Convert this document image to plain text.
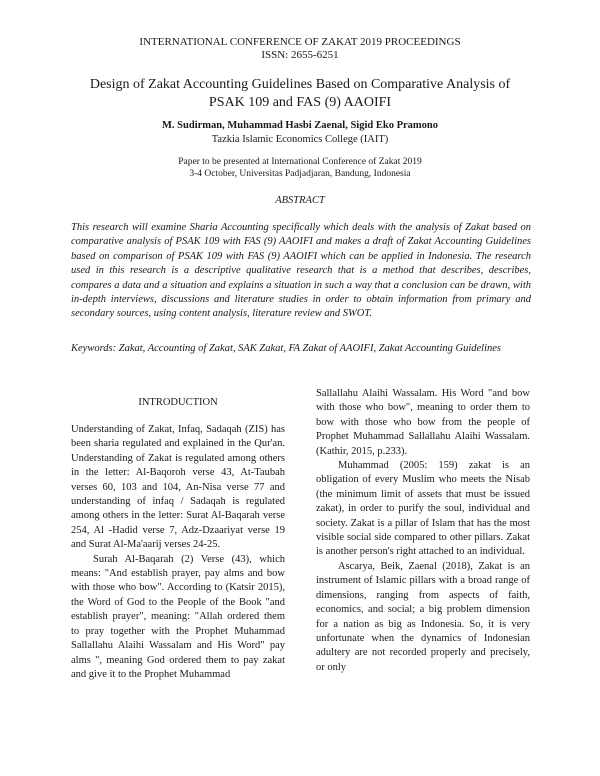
INTERNATIONAL CONFERENCE OF ZAKAT 2019 PROCEEDINGS
ISSN: 2655-6251
Design of Zakat Accounting Guidelines Based on Comparative Analysis of
PSAK 109 and FAS (9) AAOIFI
M. Sudirman, Muhammad Hasbi Zaenal, Sigid Eko Pramono
Tazkia Islamic Economics College (IAIT)
Paper to be presented at International Conference of Zakat 2019
3-4 October, Universitas Padjadjaran, Bandung, Indonesia
ABSTRACT

This research will examine Sharia Accounting specifically which deals with the analysis of Zakat based on comparative analysis of PSAK 109 with FAS (9) AAOIFI and makes a draft of Zakat Accounting Guidelines based on comparison of PSAK 109 with FAS (9) AAOIFI which can be applied in Indonesia. The research used in this research is a descriptive qualitative research that is a method that describes, describes, compares a data and a situation and explains a situation in such a way that a conclusion can be drawn, with in-depth interviews, discussions and literature studies in order to obtain information from primary and secondary sources, using content analysis, literature review and SWOT.

Keywords: Zakat, Accounting of Zakat, SAK Zakat, FA Zakat of AAOIFI, Zakat Accounting Guidelines

INTRODUCTION

Understanding of Zakat, Infaq, Sadaqah (ZIS) has been sharia regulated and explained in the Qur'an. Understanding of Zakat is regulated among others in the letter: Al-Baqoroh verse 43, At-Taubah verses 60, 103 and 104, An-Nisa verse 77 and understanding of infaq / Sadaqah is regulated among others in the letter: Surat Al-Baqarah verse 254, Al -Hadid verse 7, Adz-Dzaariyat verse 19 and Surat Al-Ma'aarij verses 24-25.

Surah Al-Baqarah (2) Verse (43), which means: "And establish prayer, pay alms and bow with those who bow". According to (Katsir 2015), the Word of God to the People of the Book "and establish prayer", meaning: "Allah ordered them to pray together with the Prophet Muhammad Sallallahu Alaihi Wassalam and His Word" pay alms ", meaning God ordered them to pay zakat and give it to the Prophet Muhammad

Sallallahu Alaihi Wassalam. His Word "and bow with those who bow", meaning to order them to bow with those who bow from the people of Prophet Muhammad Sallallahu Alaihi Wassalam. (Kathir, 2015, p.233).

Muhammad (2005: 159) zakat is an obligation of every Muslim who meets the Nisab (the minimum limit of assets that must be issued zakat), in order to purify the soul, individual and society. Zakat is a pillar of Islam that has the most visible social side compared to other pillars. Zakat is another person's right attached to an individual.

Ascarya, Beik, Zaenal (2018), Zakat is an instrument of Islamic pillars with a broad range of dimensions, ranging from aspects of faith, economics, and social; a big problem dimension for a nation as big as Indonesia. So, it is very unfortunate when the dynamics of Indonesian adultery are not recorded properly and precisely, or only
